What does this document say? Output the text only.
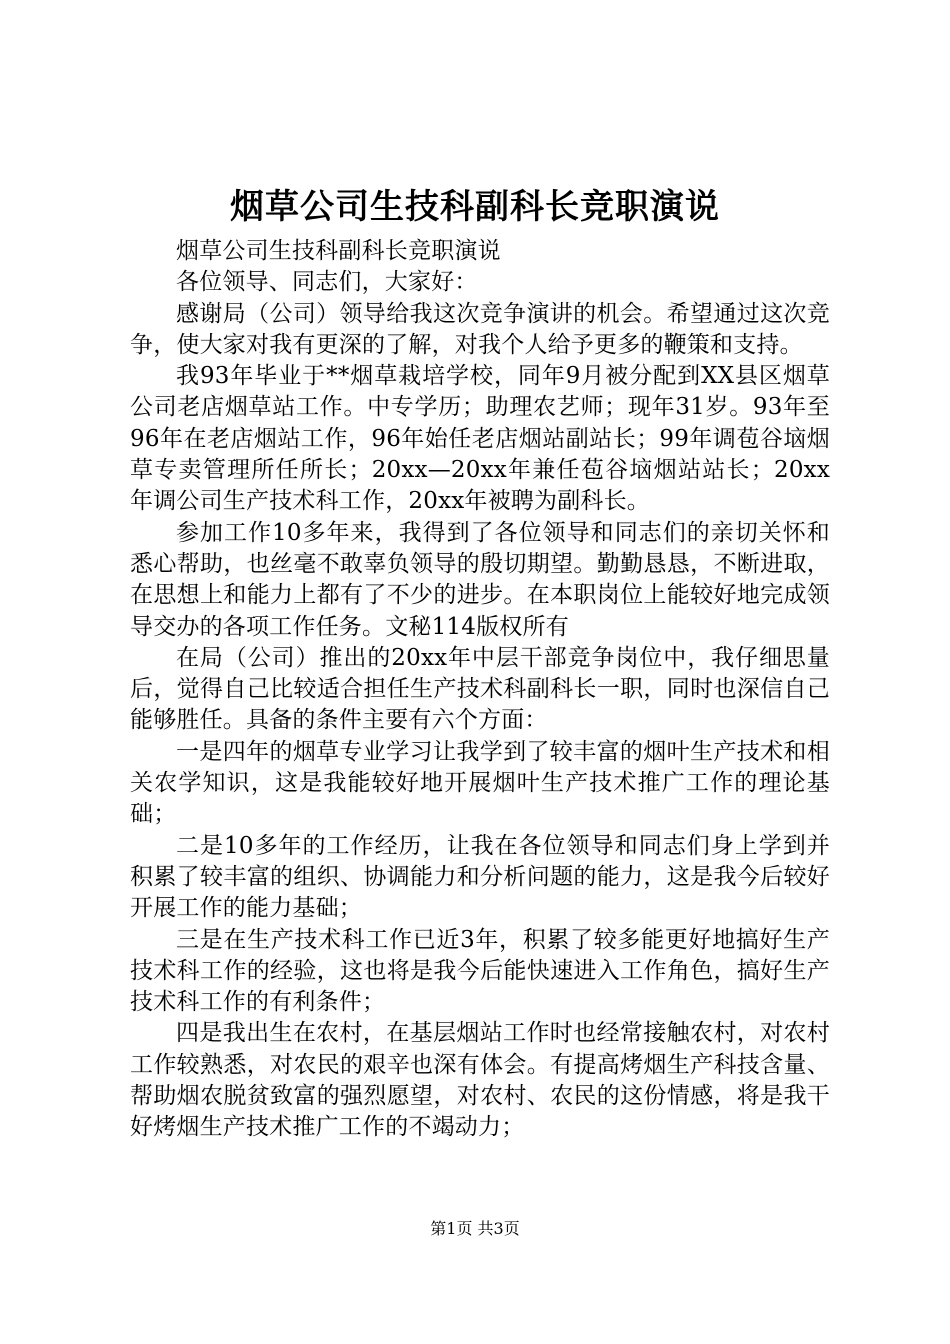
烟草公司生技科副科长竞职演说

烟草公司生技科副科长竞职演说

各位领导、同志们，大家好：

感谢局（公司）领导给我这次竞争演讲的机会。希望通过这次竞争，使大家对我有更深的了解，对我个人给予更多的鞭策和支持。

我93年毕业于**烟草栽培学校，同年9月被分配到XX县区烟草公司老店烟草站工作。中专学历；助理农艺师；现年31岁。93年至96年在老店烟站工作，96年始任老店烟站副站长；99年调苞谷垴烟草专卖管理所任所长；20xx—20xx年兼任苞谷垴烟站站长；20xx年调公司生产技术科工作，20xx年被聘为副科长。

参加工作10多年来，我得到了各位领导和同志们的亲切关怀和悉心帮助，也丝毫不敢辜负领导的殷切期望。勤勤恳恳，不断进取，在思想上和能力上都有了不少的进步。在本职岗位上能较好地完成领导交办的各项工作任务。文秘114版权所有

在局（公司）推出的20xx年中层干部竞争岗位中，我仔细思量后，觉得自己比较适合担任生产技术科副科长一职，同时也深信自己能够胜任。具备的条件主要有六个方面：

一是四年的烟草专业学习让我学到了较丰富的烟叶生产技术和相关农学知识，这是我能较好地开展烟叶生产技术推广工作的理论基础；

二是10多年的工作经历，让我在各位领导和同志们身上学到并积累了较丰富的组织、协调能力和分析问题的能力，这是我今后较好开展工作的能力基础；

三是在生产技术科工作已近3年，积累了较多能更好地搞好生产技术科工作的经验，这也将是我今后能快速进入工作角色，搞好生产技术科工作的有利条件；

四是我出生在农村，在基层烟站工作时也经常接触农村，对农村工作较熟悉，对农民的艰辛也深有体会。有提高烤烟生产科技含量、帮助烟农脱贫致富的强烈愿望，对农村、农民的这份情感，将是我干好烤烟生产技术推广工作的不竭动力；

第1页 共3页
